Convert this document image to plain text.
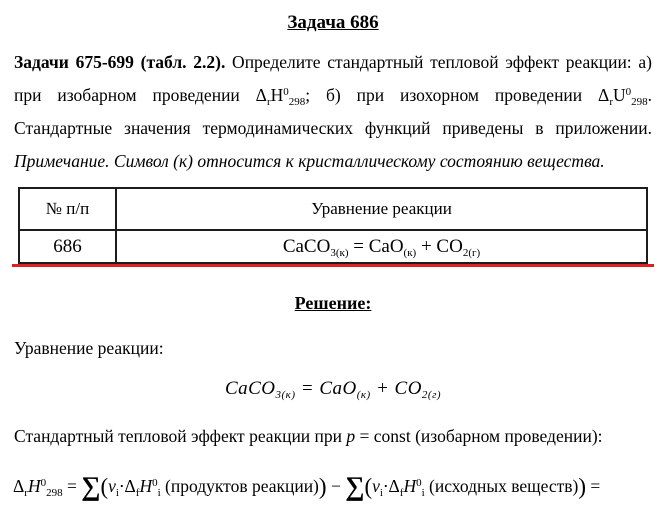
Задача 686

Задачи 675-699 (табл. 2.2). Определите стандартный тепловой эффект реакции: а) при изобарном проведении $\Delta_rH^0_{298}$; б) при изохорном проведении $\Delta_rU^0_{298}$. Стандартные значения термодинамических функций приведены в приложении. Примечание. Символ (к) относится к кристаллическому состоянию вещества.

№ п/п	Уравнение реакции
686	CaCO$_{3(к)}$ = $CaO_{(к)} + CO_{2(г)}$
Решение:

Уравнение реакции:

CaCO$_{3(к)}$ = $CaO_{(к)} + CO_{2(г)}$

Стандартный тепловой эффект реакции при p = const (изобарном проведении):

$\Delta_rH^0_{298} = \sum(\nu_i\cdot\Delta_fH^0_i$ (продуктов реакции)) − $\sum(\nu_i\cdot\Delta_fH^0_i$ (исходных веществ)) =
